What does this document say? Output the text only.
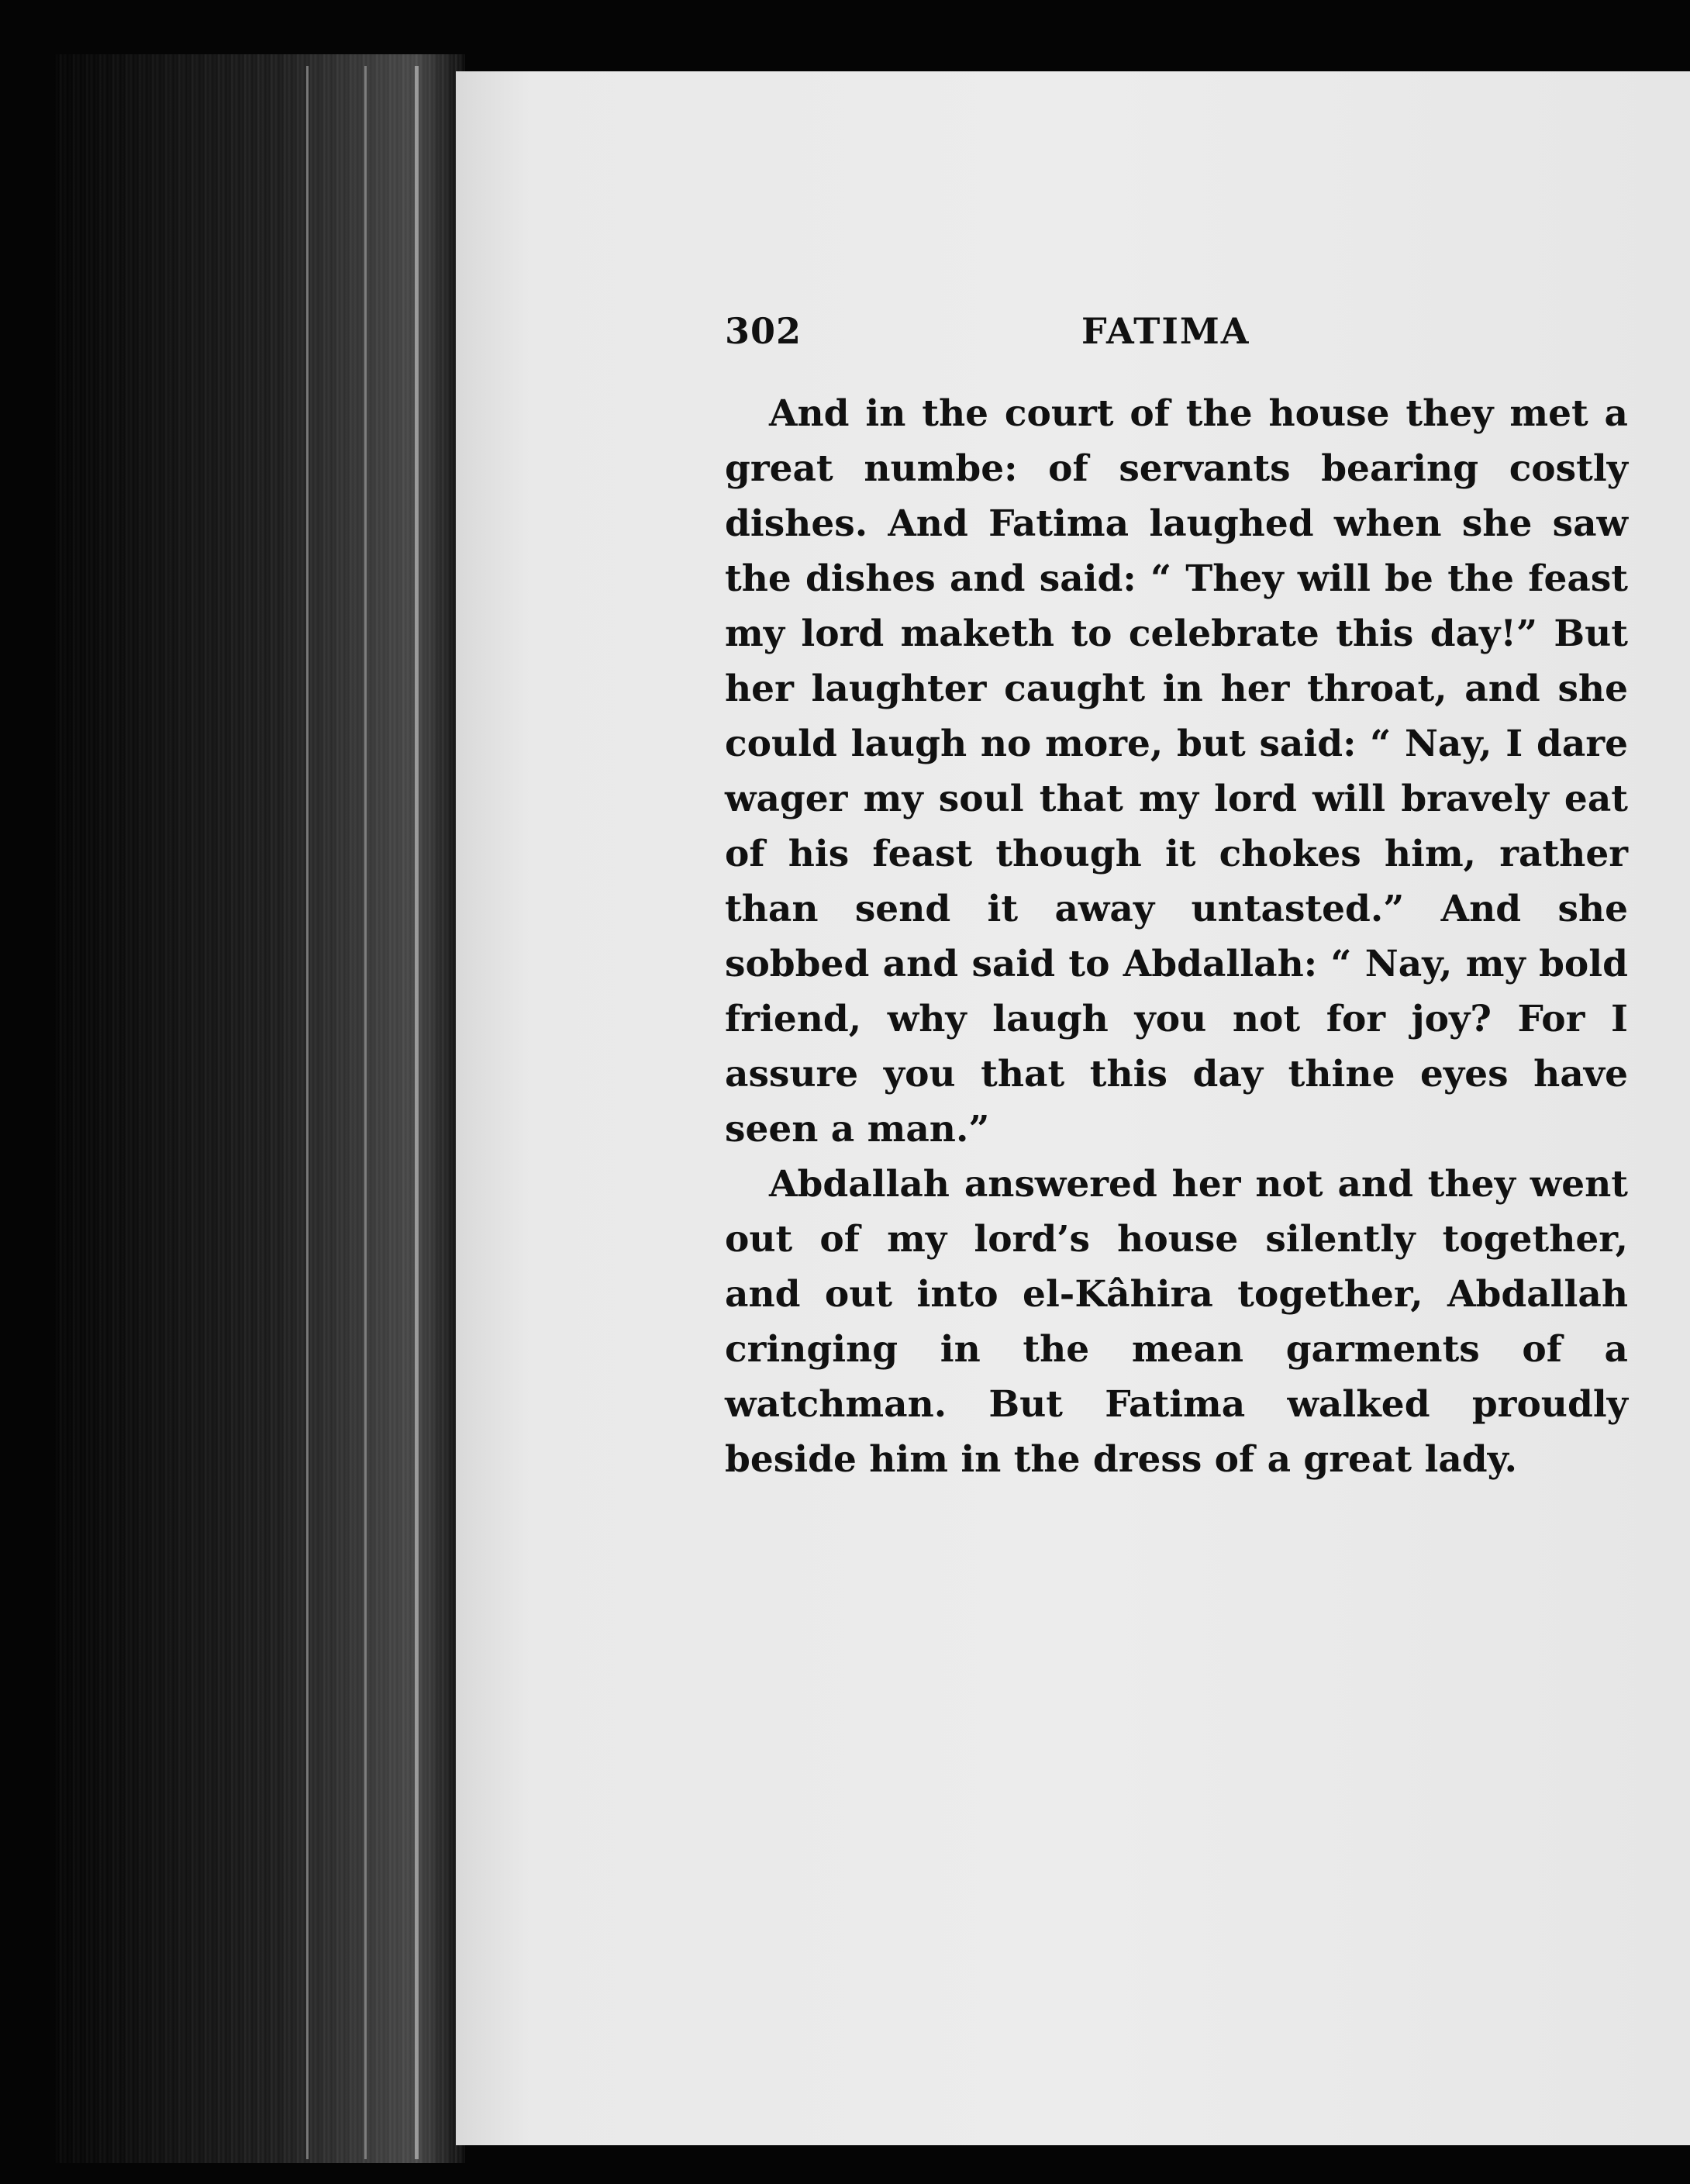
302	FATIMA

And in the court of the house they met a great numbe: of servants bearing costly dishes. And Fatima laughed when she saw the dishes and said: “ They will be the feast my lord maketh to celebrate this day!” But her laughter caught in her throat, and she could laugh no more, but said: “ Nay, I dare wager my soul that my lord will bravely eat of his feast though it chokes him, rather than send it away untasted.” And she sobbed and said to Abdallah: “ Nay, my bold friend, why laugh you not for joy? For I assure you that this day thine eyes have seen a man.”

Abdallah answered her not and they went out of my lord’s house silently together, and out into el-Kâhira together, Abdallah cringing in the mean garments of a watchman. But Fatima walked proudly beside him in the dress of a great lady.
